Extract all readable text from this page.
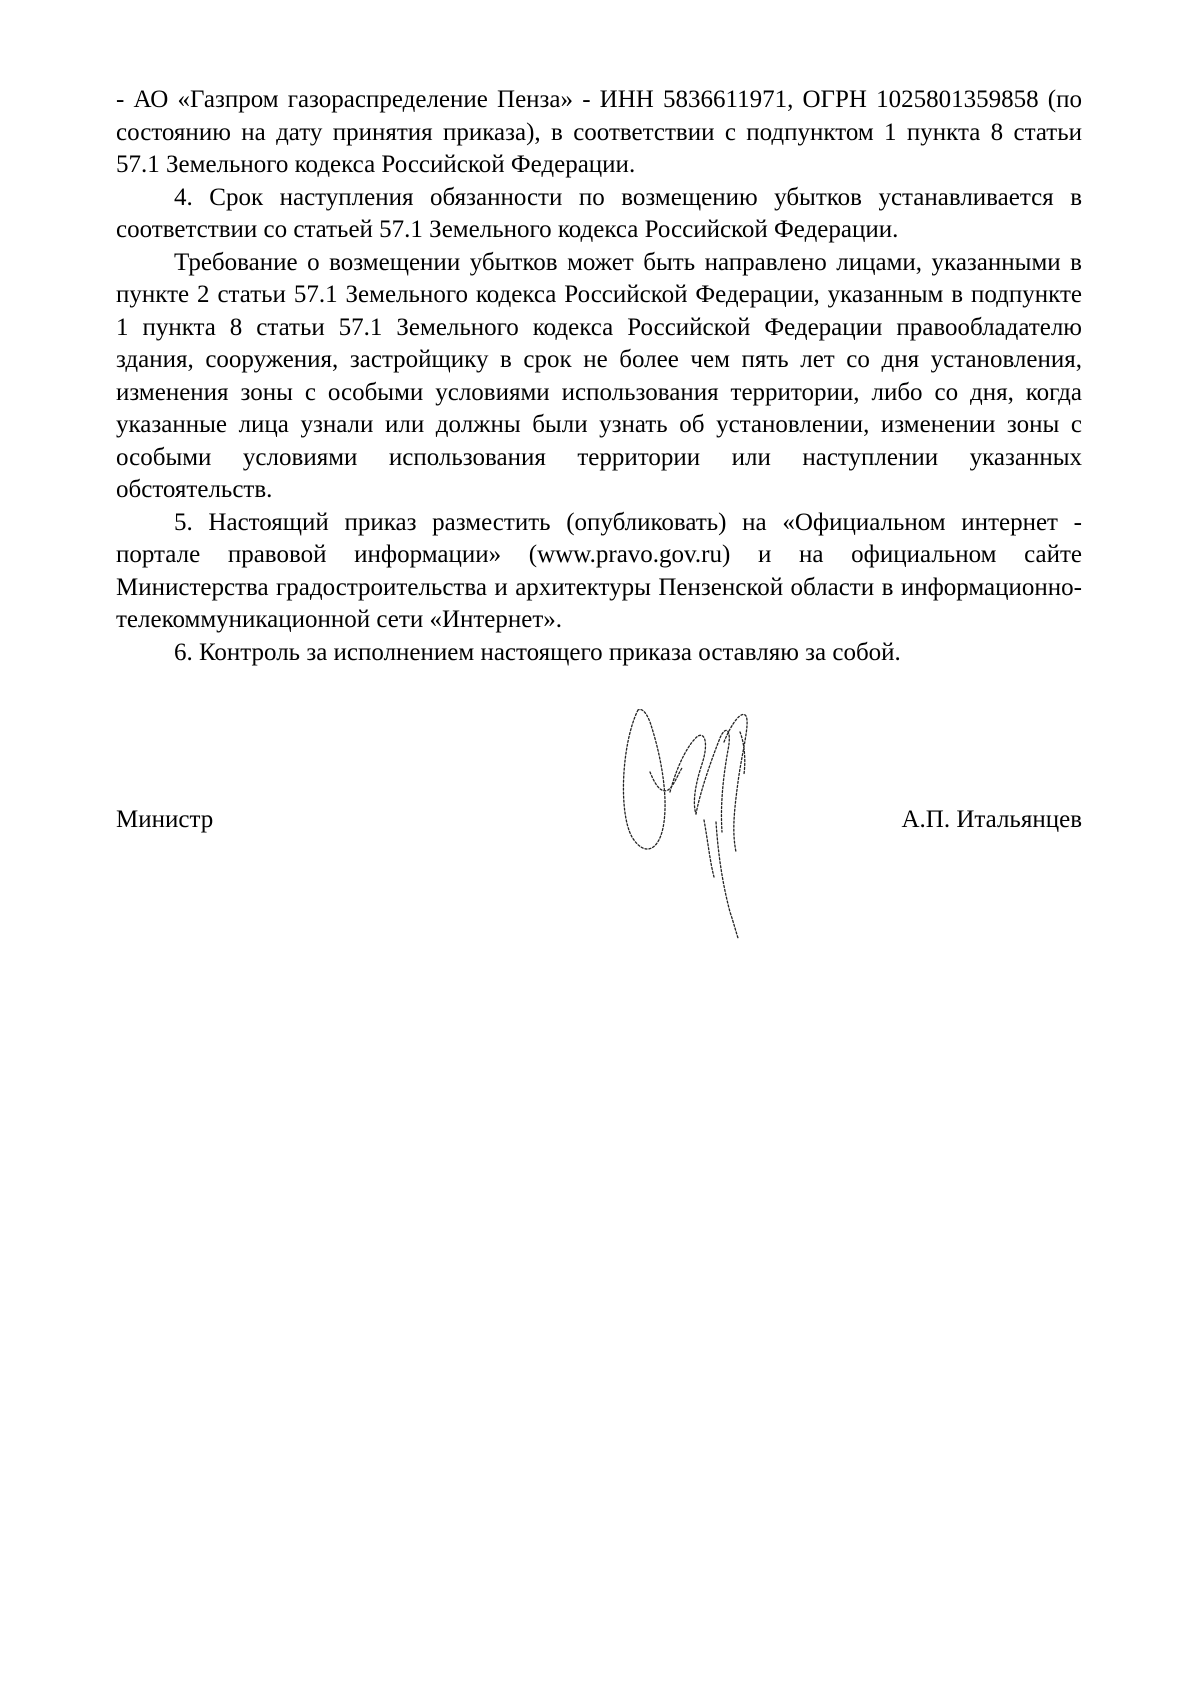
- АО «Газпром газораспределение Пенза» - ИНН 5836611971, ОГРН 1025801359858 (по состоянию на дату принятия приказа), в соответствии с подпунктом 1 пункта 8 статьи 57.1 Земельного кодекса Российской Федерации.

4. Срок наступления обязанности по возмещению убытков устанавливается в соответствии со статьей 57.1 Земельного кодекса Российской Федерации.

Требование о возмещении убытков может быть направлено лицами, указанными в пункте 2 статьи 57.1 Земельного кодекса Российской Федерации, указанным в подпункте 1 пункта 8 статьи 57.1 Земельного кодекса Российской Федерации правообладателю здания, сооружения, застройщику в срок не более чем пять лет со дня установления, изменения зоны с особыми условиями использования территории, либо со дня, когда указанные лица узнали или должны были узнать об установлении, изменении зоны с особыми условиями использования территории или наступлении указанных обстоятельств.

5. Настоящий приказ разместить (опубликовать) на «Официальном интернет - портале правовой информации» (www.pravo.gov.ru) и на официальном сайте Министерства градостроительства и архитектуры Пензенской области в информационно-телекоммуникационной сети «Интернет».

6. Контроль за исполнением настоящего приказа оставляю за собой.

Министр	А.П. Итальянцев
